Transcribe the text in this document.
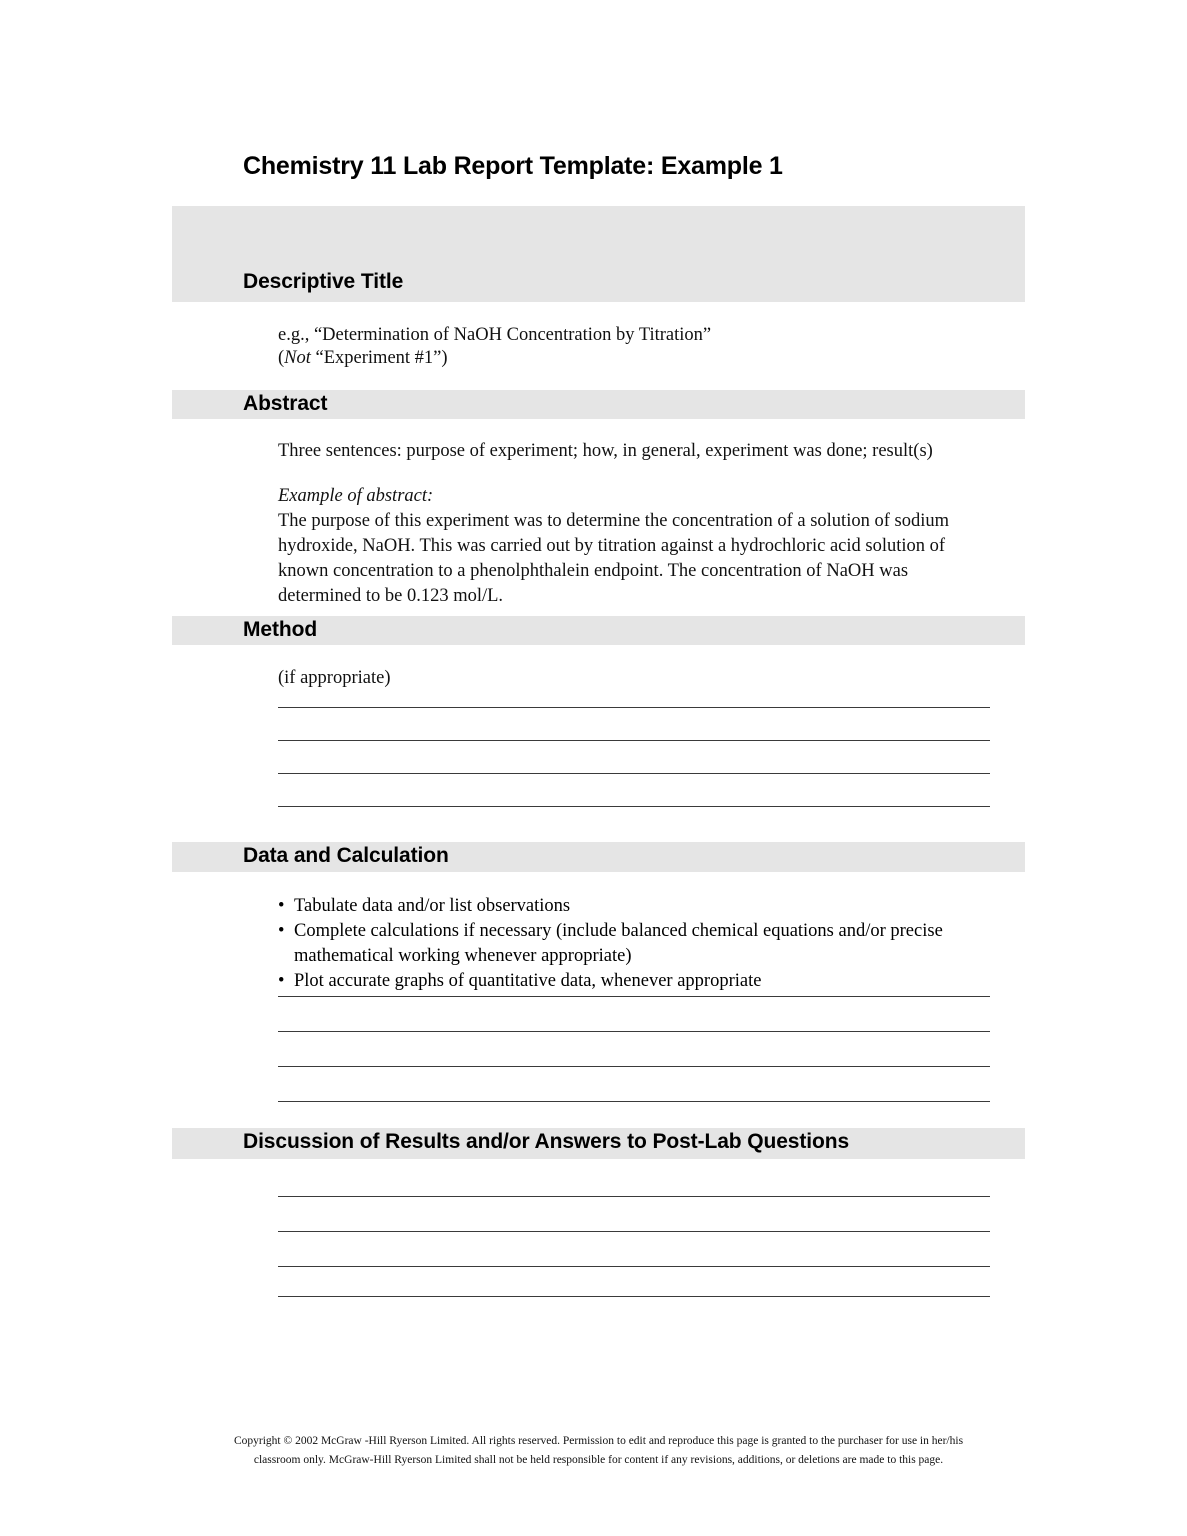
Chemistry 11 Lab Report Template: Example 1
Descriptive Title
e.g., “Determination of NaOH Concentration by Titration”
(Not “Experiment #1”)
Abstract
Three sentences: purpose of experiment; how, in general, experiment was done; result(s)
Example of abstract:
The purpose of this experiment was to determine the concentration of a solution of sodium hydroxide, NaOH. This was carried out by titration against a hydrochloric acid solution of known concentration to a phenolphthalein endpoint. The concentration of NaOH was determined to be 0.123 mol/L.
Method
(if appropriate)
Data and Calculation

• Tabulate data and/or list observations

• Complete calculations if necessary (include balanced chemical equations and/or precise mathematical working whenever appropriate)

• Plot accurate graphs of quantitative data, whenever appropriate

Discussion of Results and/or Answers to Post-Lab Questions
Copyright © 2002 McGraw -Hill Ryerson Limited. All rights reserved. Permission to edit and reproduce this page is granted to the purchaser for use in her/his
classroom only. McGraw-Hill Ryerson Limited shall not be held responsible for content if any revisions, additions, or deletions are made to this page.
